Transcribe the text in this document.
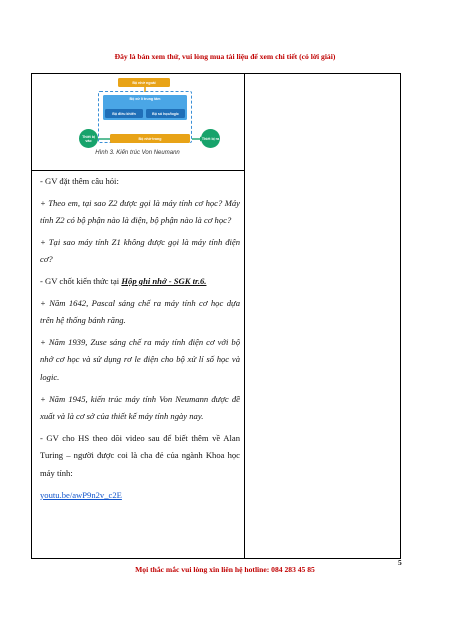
Đây là bản xem thử, vui lòng mua tài liệu để xem chi tiết (có lời giải)
Bộ nhớ ngoài
Bộ xử lí trung tâm
Bộ điều khiển	Bộ số học/logic
Bộ nhớ trong
Thiết bị vào	Thiết bị ra
Hình 3. Kiến trúc Von Neumann

- GV đặt thêm câu hỏi:

+ Theo em, tại sao Z2 được gọi là máy tính cơ học? Máy tính Z2 có bộ phận nào là điện, bộ phận nào là cơ học?

+ Tại sao máy tính Z1 không được gọi là máy tính điện cơ?

- GV chốt kiến thức tại Hộp ghi nhớ - SGK tr.6.

+ Năm 1642, Pascal sáng chế ra máy tính cơ học dựa trên hệ thống bánh răng.

+ Năm 1939, Zuse sáng chế ra máy tính điện cơ với bộ nhớ cơ học và sử dụng rơ le điện cho bộ xử lí số học và logic.

+ Năm 1945, kiến trúc máy tính Von Neumann được đề xuất và là cơ sở của thiết kế máy tính ngày nay.

- GV cho HS theo dõi video sau để biết thêm về Alan Turing – người được coi là cha đẻ của ngành Khoa học máy tính:

youtu.be/awP9n2v_c2E

5
Mọi thắc mắc vui lòng xin liên hệ hotline: 084 283 45 85
